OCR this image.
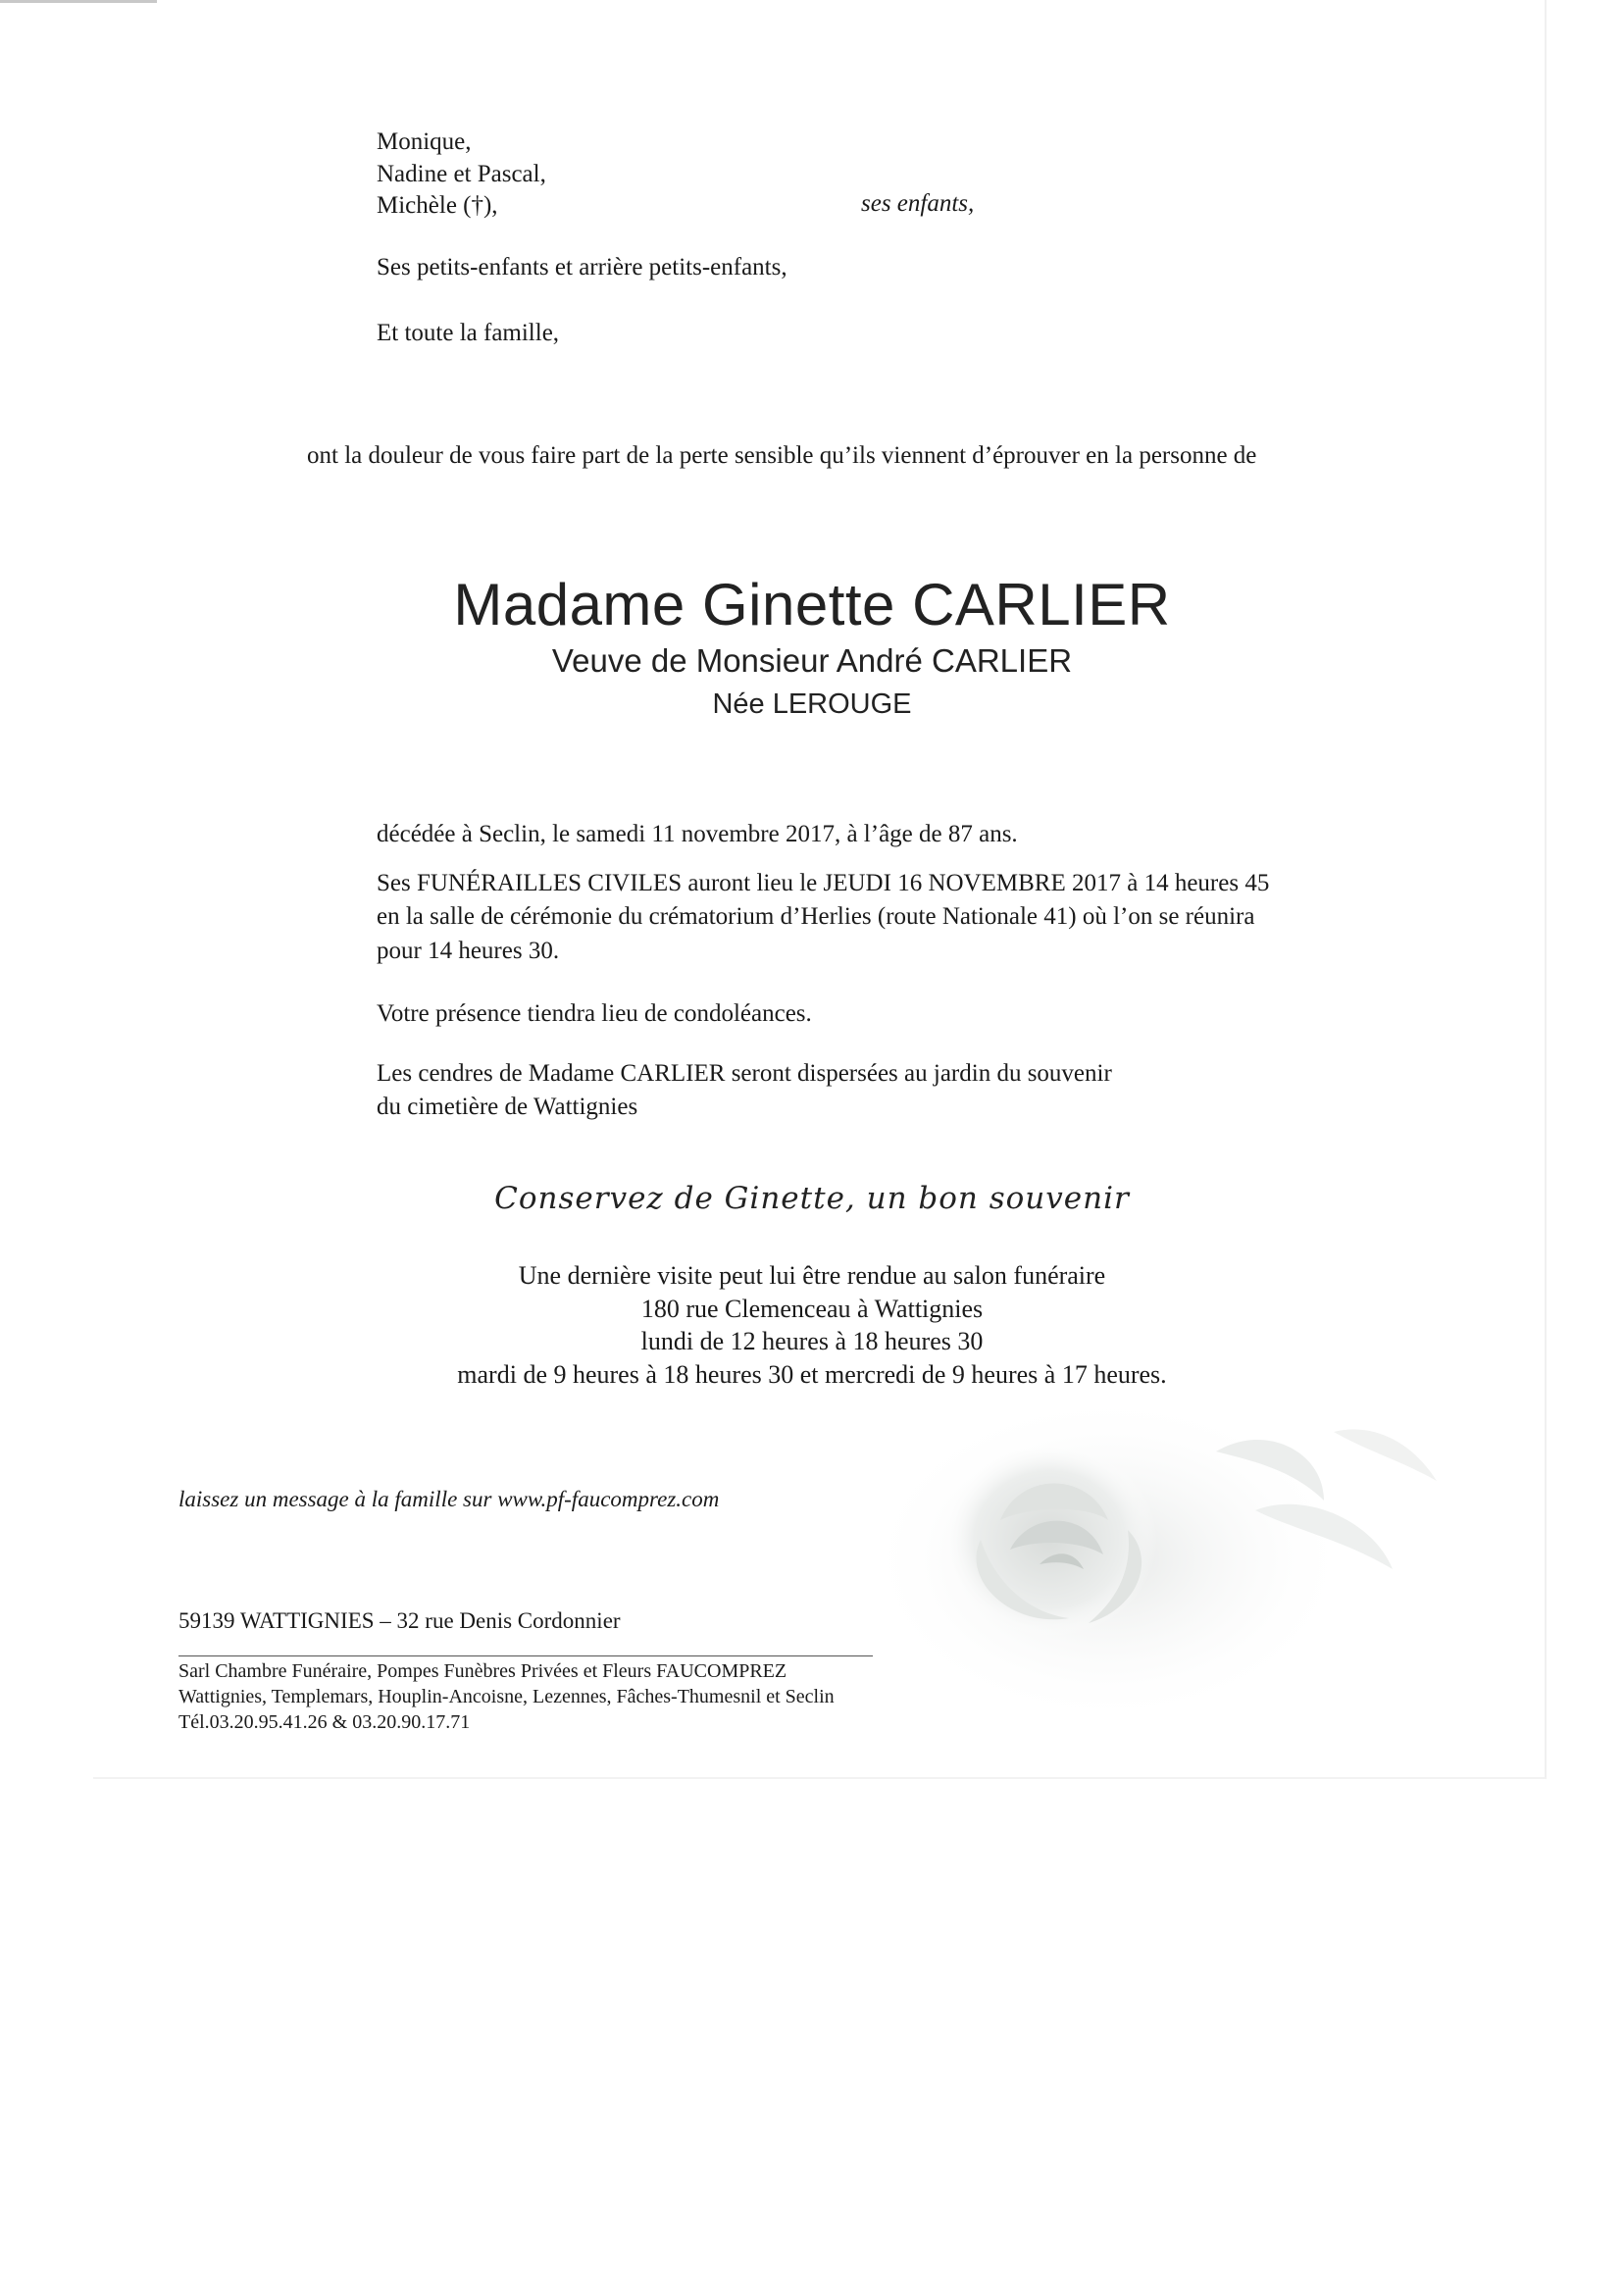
Monique,
Nadine et Pascal,
Michèle (†),	ses enfants,
Ses petits-enfants et arrière petits-enfants,
Et toute la famille,
ont la douleur de vous faire part de la perte sensible qu’ils viennent d’éprouver en la personne de
Madame Ginette CARLIER
Veuve de Monsieur André CARLIER
Née LEROUGE
décédée à Seclin, le samedi 11 novembre 2017, à l’âge de 87 ans.
Ses FUNÉRAILLES CIVILES auront lieu le JEUDI 16 NOVEMBRE 2017 à 14 heures 45
en la salle de cérémonie du crématorium d’Herlies (route Nationale 41) où l’on se réunira
pour 14 heures 30.
Votre présence tiendra lieu de condoléances.
Les cendres de Madame CARLIER seront dispersées au jardin du souvenir
du cimetière de Wattignies
Conservez de Ginette, un bon souvenir
Une dernière visite peut lui être rendue au salon funéraire
180 rue Clemenceau à Wattignies
lundi de 12 heures à 18 heures 30
mardi de 9 heures à 18 heures 30 et mercredi de 9 heures à 17 heures.
laissez un message à la famille sur www.pf-faucomprez.com
59139 WATTIGNIES – 32 rue Denis Cordonnier
Sarl Chambre Funéraire, Pompes Funèbres Privées et Fleurs FAUCOMPREZ
Wattignies, Templemars, Houplin-Ancoisne, Lezennes, Fâches-Thumesnil et Seclin
Tél.03.20.95.41.26 & 03.20.90.17.71
